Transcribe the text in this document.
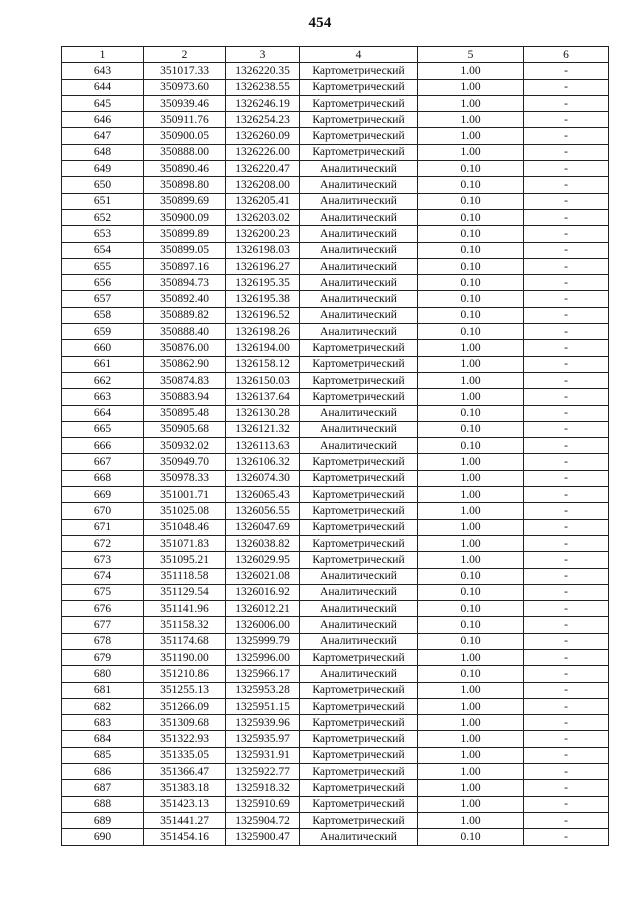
454
1	2	3	4	5	6
643	351017.33	1326220.35	Картометрический	1.00	-
644	350973.60	1326238.55	Картометрический	1.00	-
645	350939.46	1326246.19	Картометрический	1.00	-
646	350911.76	1326254.23	Картометрический	1.00	-
647	350900.05	1326260.09	Картометрический	1.00	-
648	350888.00	1326226.00	Картометрический	1.00	-
649	350890.46	1326220.47	Аналитический	0.10	-
650	350898.80	1326208.00	Аналитический	0.10	-
651	350899.69	1326205.41	Аналитический	0.10	-
652	350900.09	1326203.02	Аналитический	0.10	-
653	350899.89	1326200.23	Аналитический	0.10	-
654	350899.05	1326198.03	Аналитический	0.10	-
655	350897.16	1326196.27	Аналитический	0.10	-
656	350894.73	1326195.35	Аналитический	0.10	-
657	350892.40	1326195.38	Аналитический	0.10	-
658	350889.82	1326196.52	Аналитический	0.10	-
659	350888.40	1326198.26	Аналитический	0.10	-
660	350876.00	1326194.00	Картометрический	1.00	-
661	350862.90	1326158.12	Картометрический	1.00	-
662	350874.83	1326150.03	Картометрический	1.00	-
663	350883.94	1326137.64	Картометрический	1.00	-
664	350895.48	1326130.28	Аналитический	0.10	-
665	350905.68	1326121.32	Аналитический	0.10	-
666	350932.02	1326113.63	Аналитический	0.10	-
667	350949.70	1326106.32	Картометрический	1.00	-
668	350978.33	1326074.30	Картометрический	1.00	-
669	351001.71	1326065.43	Картометрический	1.00	-
670	351025.08	1326056.55	Картометрический	1.00	-
671	351048.46	1326047.69	Картометрический	1.00	-
672	351071.83	1326038.82	Картометрический	1.00	-
673	351095.21	1326029.95	Картометрический	1.00	-
674	351118.58	1326021.08	Аналитический	0.10	-
675	351129.54	1326016.92	Аналитический	0.10	-
676	351141.96	1326012.21	Аналитический	0.10	-
677	351158.32	1326006.00	Аналитический	0.10	-
678	351174.68	1325999.79	Аналитический	0.10	-
679	351190.00	1325996.00	Картометрический	1.00	-
680	351210.86	1325966.17	Аналитический	0.10	-
681	351255.13	1325953.28	Картометрический	1.00	-
682	351266.09	1325951.15	Картометрический	1.00	-
683	351309.68	1325939.96	Картометрический	1.00	-
684	351322.93	1325935.97	Картометрический	1.00	-
685	351335.05	1325931.91	Картометрический	1.00	-
686	351366.47	1325922.77	Картометрический	1.00	-
687	351383.18	1325918.32	Картометрический	1.00	-
688	351423.13	1325910.69	Картометрический	1.00	-
689	351441.27	1325904.72	Картометрический	1.00	-
690	351454.16	1325900.47	Аналитический	0.10	-
